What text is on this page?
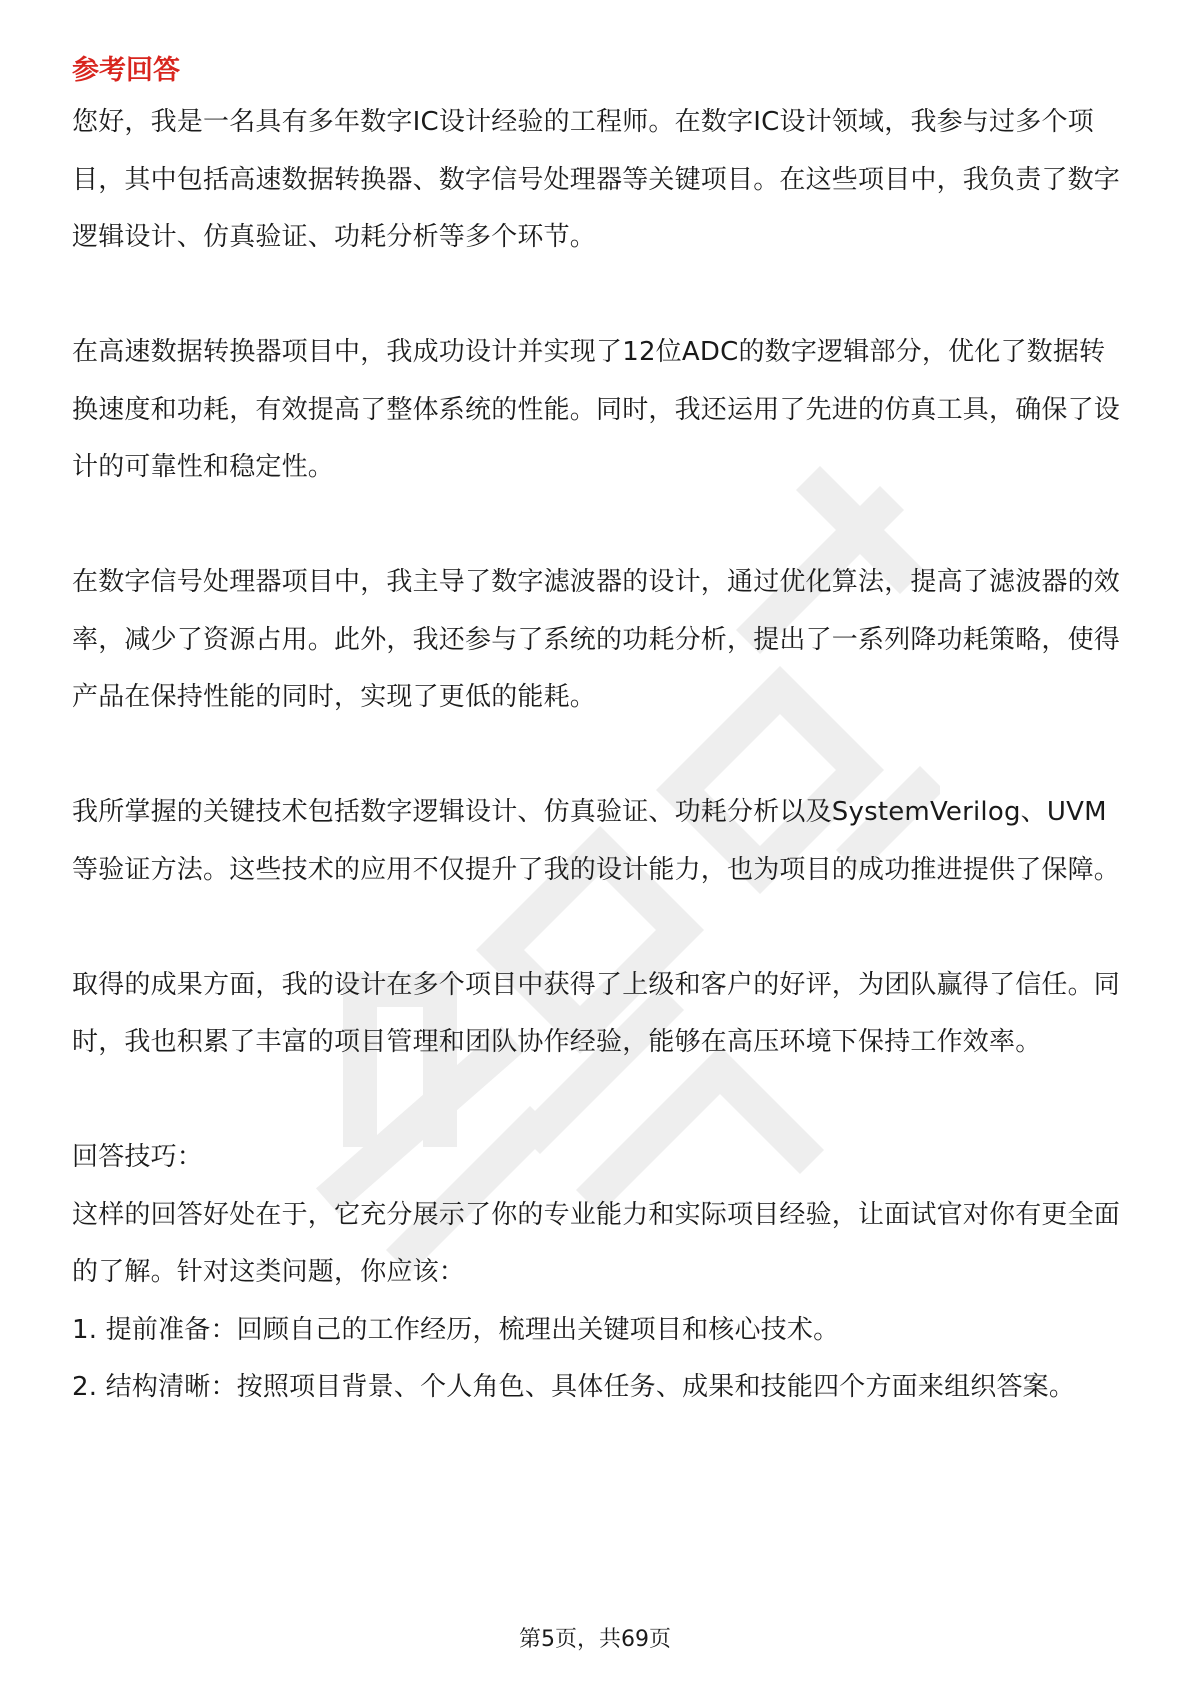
参考回答

您好，我是一名具有多年数字IC设计经验的工程师。在数字IC设计领域，我参与过多个项目，其中包括高速数据转换器、数字信号处理器等关键项目。在这些项目中，我负责了数字逻辑设计、仿真验证、功耗分析等多个环节。

在高速数据转换器项目中，我成功设计并实现了12位ADC的数字逻辑部分，优化了数据转换速度和功耗，有效提高了整体系统的性能。同时，我还运用了先进的仿真工具，确保了设计的可靠性和稳定性。

在数字信号处理器项目中，我主导了数字滤波器的设计，通过优化算法，提高了滤波器的效率，减少了资源占用。此外，我还参与了系统的功耗分析，提出了一系列降功耗策略，使得产品在保持性能的同时，实现了更低的能耗。

我所掌握的关键技术包括数字逻辑设计、仿真验证、功耗分析以及SystemVerilog、UVM等验证方法。这些技术的应用不仅提升了我的设计能力，也为项目的成功推进提供了保障。

取得的成果方面，我的设计在多个项目中获得了上级和客户的好评，为团队赢得了信任。同时，我也积累了丰富的项目管理和团队协作经验，能够在高压环境下保持工作效率。

回答技巧：

这样的回答好处在于，它充分展示了你的专业能力和实际项目经验，让面试官对你有更全面的了解。针对这类问题，你应该：

1. 提前准备：回顾自己的工作经历，梳理出关键项目和核心技术。

2. 结构清晰：按照项目背景、个人角色、具体任务、成果和技能四个方面来组织答案。

第5页，共69页
